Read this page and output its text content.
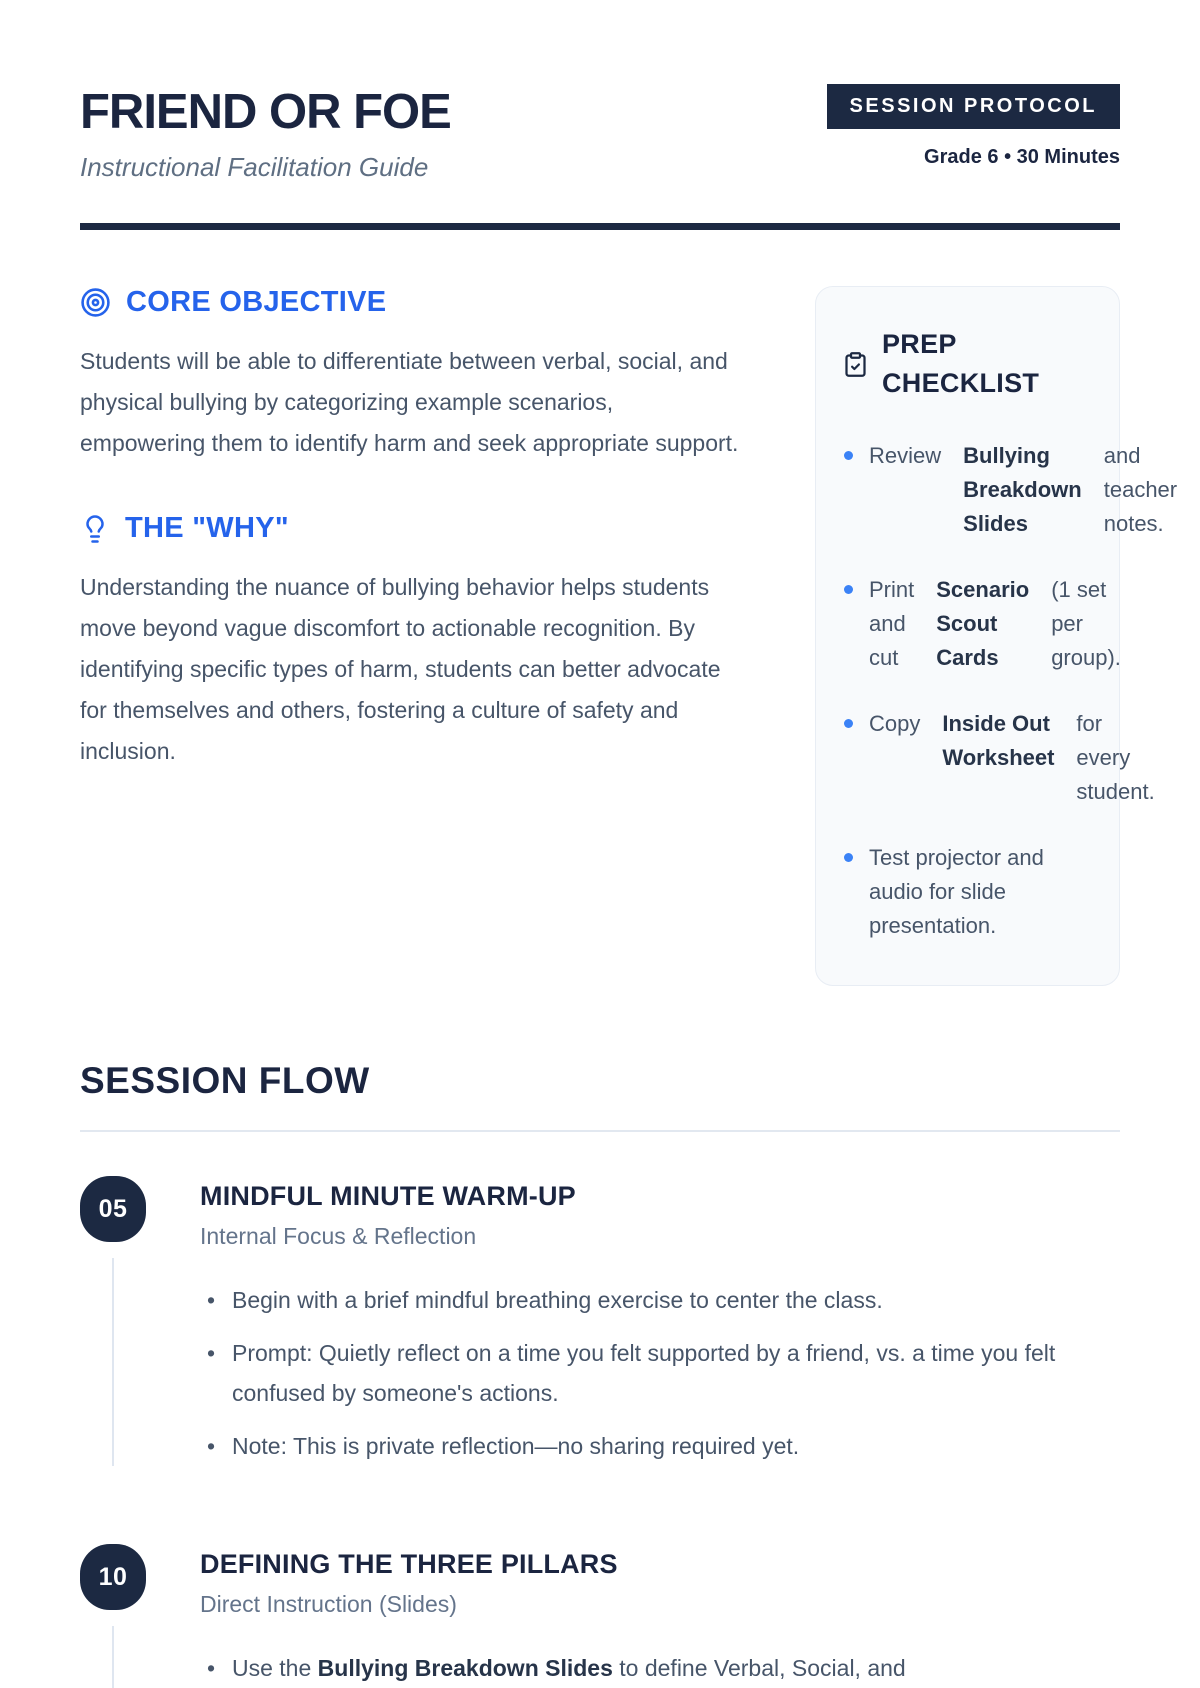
FRIEND OR FOE
Instructional Facilitation Guide
SESSION PROTOCOL
Grade 6 • 30 Minutes
CORE OBJECTIVE

Students will be able to differentiate between verbal, social, and physical bullying by categorizing example scenarios, empowering them to identify harm and seek appropriate support.

THE "WHY"

Understanding the nuance of bullying behavior helps students move beyond vague discomfort to actionable recognition. By identifying specific types of harm, students can better advocate for themselves and others, fostering a culture of safety and inclusion.

PREP CHECKLIST
Review Bullying Breakdown Slides
and teacher notes.
Print and cut
Scenario Scout Cards
(1 set per group).
Copy Inside Out Worksheet
for every student.
Test projector and audio for slide presentation.
SESSION FLOW
05	MINDFUL MINUTE WARM-UP
Internal Focus & Reflection
• Begin with a brief mindful breathing exercise to center the class.
• Prompt: Quietly reflect on a time you felt supported by a friend, vs. a time you felt confused by someone's actions.
• Note: This is private reflection—no sharing required yet.
10	DEFINING THE THREE PILLARS
Direct Instruction (Slides)
• Use the Bullying Breakdown Slides to define Verbal, Social, and
